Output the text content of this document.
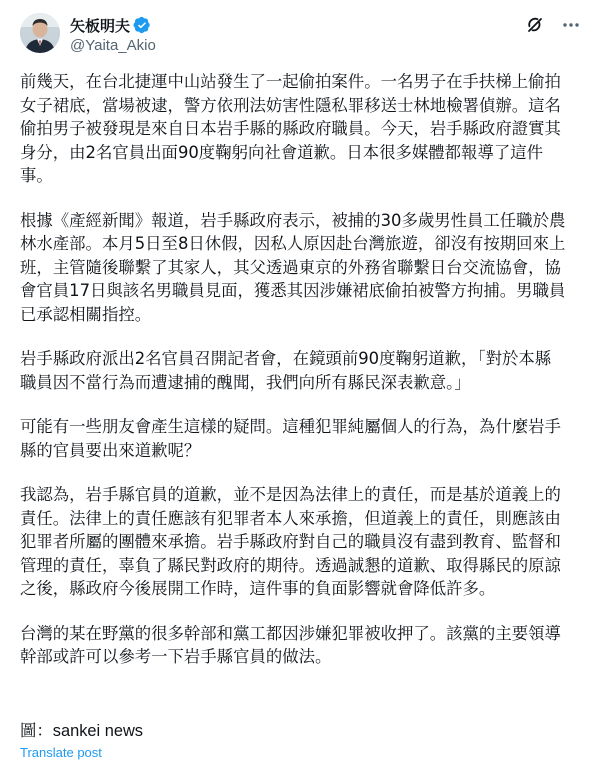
矢板明夫
@Yaita_Akio

前幾天，在台北捷運中山站發生了一起偷拍案件。一名男子在手扶梯上偷拍
女子裙底，當場被逮，警方依刑法妨害性隱私罪移送士林地檢署偵辦。這名
偷拍男子被發現是來自日本岩手縣的縣政府職員。今天，岩手縣政府證實其
身分，由2名官員出面90度鞠躬向社會道歉。日本很多媒體都報導了這件
事。

根據《產經新聞》報道，岩手縣政府表示，被捕的30多歲男性員工任職於農
林水產部。本月5日至8日休假，因私人原因赴台灣旅遊，卻沒有按期回來上
班，主管隨後聯繫了其家人，其父透過東京的外務省聯繫日台交流協會，協
會官員17日與該名男職員見面，獲悉其因涉嫌裙底偷拍被警方拘捕。男職員
已承認相關指控。

岩手縣政府派出2名官員召開記者會，在鏡頭前90度鞠躬道歉，「對於本縣
職員因不當行為而遭逮捕的醜聞，我們向所有縣民深表歉意。」

可能有一些朋友會產生這樣的疑問。這種犯罪純屬個人的行為，為什麼岩手
縣的官員要出來道歉呢？

我認為，岩手縣官員的道歉，並不是因為法律上的責任，而是基於道義上的
責任。法律上的責任應該有犯罪者本人來承擔，但道義上的責任，則應該由
犯罪者所屬的團體來承擔。岩手縣政府對自己的職員沒有盡到教育、監督和
管理的責任，辜負了縣民對政府的期待。透過誠懇的道歉、取得縣民的原諒
之後，縣政府今後展開工作時，這件事的負面影響就會降低許多。

台灣的某在野黨的很多幹部和黨工都因涉嫌犯罪被收押了。該黨的主要領導
幹部或許可以參考一下岩手縣官員的做法。

圖：sankei news
Translate post
